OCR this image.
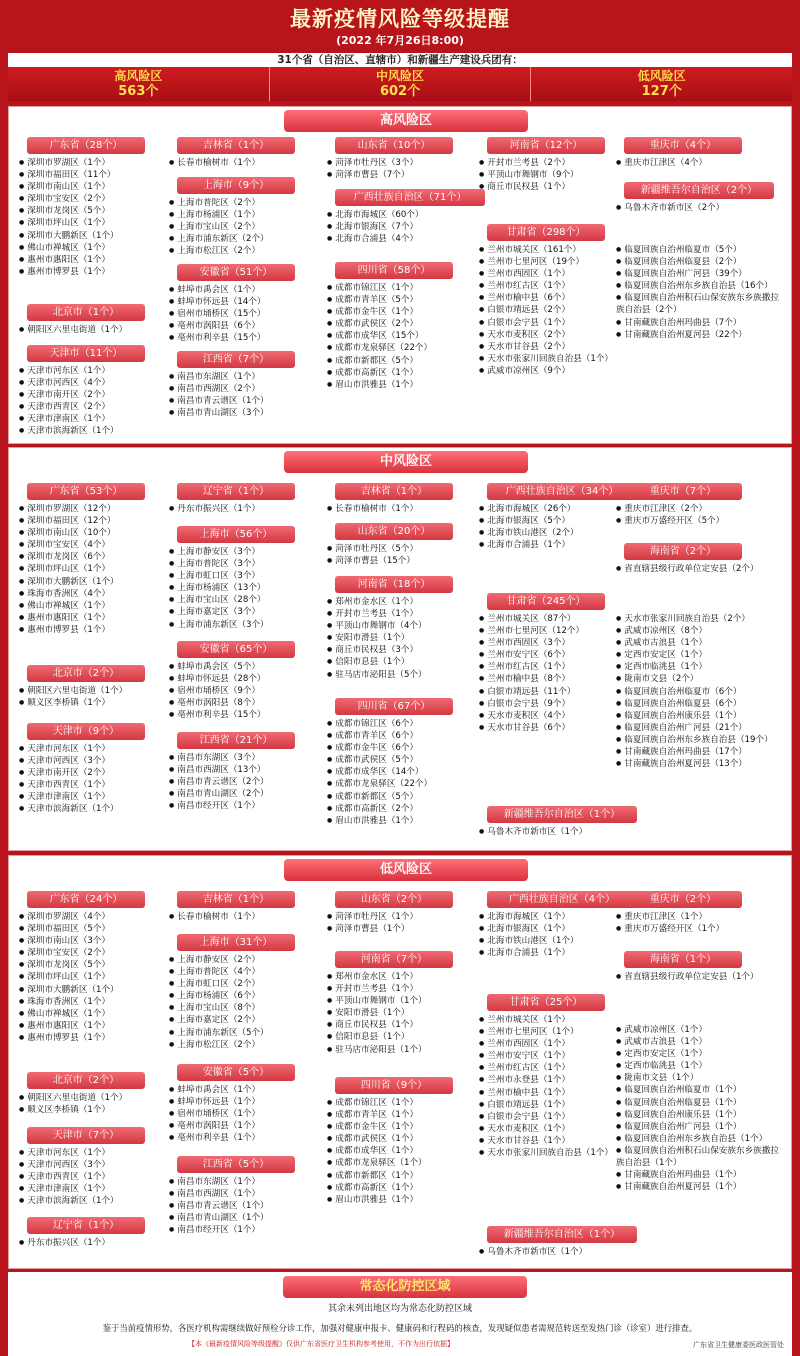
最新疫情风险等级提醒
(2022 年7月26日8:00)
31个省（自治区、直辖市）和新疆生产建设兵团有：
高风险区
563个
中风险区
602个
低风险区
127个
高风险区
广东省（28个）
● 深圳市罗湖区（1个）
● 深圳市福田区（11个）
● 深圳市南山区（1个）
● 深圳市宝安区（2个）
● 深圳市龙岗区（5个）
● 深圳市坪山区（1个）
● 深圳市大鹏新区（1个）
● 佛山市禅城区（1个）
● 惠州市惠阳区（1个）
● 惠州市博罗县（1个）
北京市（1个）
● 朝阳区六里屯街道（1个）
天津市（11个）
● 天津市河东区（1个）
● 天津市河西区（4个）
● 天津市南开区（2个）
● 天津市西青区（2个）
● 天津市津南区（1个）
● 天津市滨海新区（1个）
吉林省（1个）
● 长春市榆树市（1个）
上海市（9个）
● 上海市普陀区（2个）
● 上海市杨浦区（1个）
● 上海市宝山区（2个）
● 上海市浦东新区（2个）
● 上海市松江区（2个）
安徽省（51个）
● 蚌埠市禹会区（1个）
● 蚌埠市怀远县（14个）
● 宿州市埇桥区（15个）
● 亳州市涡阳县（6个）
● 亳州市利辛县（15个）
江西省（7个）
● 南昌市东湖区（1个）
● 南昌市西湖区（2个）
● 南昌市青云谱区（1个）
● 南昌市青山湖区（3个）
山东省（10个）
● 菏泽市牡丹区（3个）
● 菏泽市曹县（7个）
广西壮族自治区（71个）
● 北海市海城区（60个）
● 北海市银海区（7个）
● 北海市合浦县（4个）
四川省（58个）
● 成都市锦江区（1个）
● 成都市青羊区（5个）
● 成都市金牛区（1个）
● 成都市武侯区（2个）
● 成都市成华区（15个）
● 成都市龙泉驿区（22个）
● 成都市新都区（5个）
● 成都市高新区（1个）
● 眉山市洪雅县（1个）
河南省（12个）
● 开封市兰考县（2个）
● 平顶山市舞钢市（9个）
● 商丘市民权县（1个）
甘肃省（298个）
● 兰州市城关区（161个）
● 兰州市七里河区（19个）
● 兰州市西固区（1个）
● 兰州市红古区（1个）
● 兰州市榆中县（6个）
● 白银市靖远县（2个）
● 白银市会宁县（1个）
● 天水市麦积区（2个）
● 天水市甘谷县（2个）
● 天水市张家川回族自治县（1个）
● 武威市凉州区（9个）
重庆市（4个）
● 重庆市江津区（4个）
新疆维吾尔自治区（2个）
● 乌鲁木齐市新市区（2个）
● 临夏回族自治州临夏市（5个）
● 临夏回族自治州临夏县（2个）
● 临夏回族自治州广河县（39个）
● 临夏回族自治州东乡族自治县（16个）
● 临夏回族自治州积石山保安族东乡族撒拉族自治县（2个）
● 甘南藏族自治州玛曲县（7个）
● 甘南藏族自治州夏河县（22个）
中风险区
广东省（53个）
● 深圳市罗湖区（12个）
● 深圳市福田区（12个）
● 深圳市南山区（10个）
● 深圳市宝安区（4个）
● 深圳市龙岗区（6个）
● 深圳市坪山区（1个）
● 深圳市大鹏新区（1个）
● 珠海市香洲区（4个）
● 佛山市禅城区（1个）
● 惠州市惠阳区（1个）
● 惠州市博罗县（1个）
北京市（2个）
● 朝阳区六里屯街道（1个）
● 顺义区李桥镇（1个）
天津市（9个）
● 天津市河东区（1个）
● 天津市河西区（3个）
● 天津市南开区（2个）
● 天津市西青区（1个）
● 天津市津南区（1个）
● 天津市滨海新区（1个）
辽宁省（1个）
● 丹东市振兴区（1个）
上海市（56个）
● 上海市静安区（3个）
● 上海市普陀区（3个）
● 上海市虹口区（3个）
● 上海市杨浦区（13个）
● 上海市宝山区（28个）
● 上海市嘉定区（3个）
● 上海市浦东新区（3个）
安徽省（65个）
● 蚌埠市禹会区（5个）
● 蚌埠市怀远县（28个）
● 宿州市埇桥区（9个）
● 亳州市涡阳县（8个）
● 亳州市利辛县（15个）
江西省（21个）
● 南昌市东湖区（3个）
● 南昌市西湖区（13个）
● 南昌市青云谱区（2个）
● 南昌市青山湖区（2个）
● 南昌市经开区（1个）
吉林省（1个）
● 长春市榆树市（1个）
山东省（20个）
● 菏泽市牡丹区（5个）
● 菏泽市曹县（15个）
河南省（18个）
● 郑州市金水区（1个）
● 开封市兰考县（1个）
● 平顶山市舞钢市（4个）
● 安阳市滑县（1个）
● 商丘市民权县（3个）
● 信阳市息县（1个）
● 驻马店市泌阳县（5个）
四川省（67个）
● 成都市锦江区（6个）
● 成都市青羊区（6个）
● 成都市金牛区（6个）
● 成都市武侯区（5个）
● 成都市成华区（14个）
● 成都市龙泉驿区（22个）
● 成都市新都区（5个）
● 成都市高新区（2个）
● 眉山市洪雅县（1个）
广西壮族自治区（34个）
● 北海市海城区（26个）
● 北海市银海区（5个）
● 北海市铁山港区（2个）
● 北海市合浦县（1个）
甘肃省（245个）
● 兰州市城关区（87个）
● 兰州市七里河区（12个）
● 兰州市西固区（3个）
● 兰州市安宁区（6个）
● 兰州市红古区（1个）
● 兰州市榆中县（8个）
● 白银市靖远县（11个）
● 白银市会宁县（9个）
● 天水市麦积区（4个）
● 天水市甘谷县（6个）
新疆维吾尔自治区（1个）
● 乌鲁木齐市新市区（1个）
重庆市（7个）
● 重庆市江津区（2个）
● 重庆市万盛经开区（5个）
海南省（2个）
● 省直辖县级行政单位定安县（2个）
● 天水市张家川回族自治县（2个）
● 武威市凉州区（8个）
● 武威市古浪县（1个）
● 定西市安定区（1个）
● 定西市临洮县（1个）
● 陇南市文县（2个）
● 临夏回族自治州临夏市（6个）
● 临夏回族自治州临夏县（6个）
● 临夏回族自治州康乐县（1个）
● 临夏回族自治州广河县（21个）
● 临夏回族自治州东乡族自治县（19个）
● 甘南藏族自治州玛曲县（17个）
● 甘南藏族自治州夏河县（13个）
低风险区
广东省（24个）
● 深圳市罗湖区（4个）
● 深圳市福田区（5个）
● 深圳市南山区（3个）
● 深圳市宝安区（2个）
● 深圳市龙岗区（5个）
● 深圳市坪山区（1个）
● 深圳市大鹏新区（1个）
● 珠海市香洲区（1个）
● 佛山市禅城区（1个）
● 惠州市惠阳区（1个）
● 惠州市博罗县（1个）
北京市（2个）
● 朝阳区六里屯街道（1个）
● 顺义区李桥镇（1个）
天津市（7个）
● 天津市河东区（1个）
● 天津市河西区（3个）
● 天津市西青区（1个）
● 天津市津南区（1个）
● 天津市滨海新区（1个）
辽宁省（1个）
● 丹东市振兴区（1个）
吉林省（1个）
● 长春市榆树市（1个）
上海市（31个）
● 上海市静安区（2个）
● 上海市普陀区（4个）
● 上海市虹口区（2个）
● 上海市杨浦区（6个）
● 上海市宝山区（8个）
● 上海市嘉定区（2个）
● 上海市浦东新区（5个）
● 上海市松江区（2个）
安徽省（5个）
● 蚌埠市禹会区（1个）
● 蚌埠市怀远县（1个）
● 宿州市埇桥区（1个）
● 亳州市涡阳县（1个）
● 亳州市利辛县（1个）
江西省（5个）
● 南昌市东湖区（1个）
● 南昌市西湖区（1个）
● 南昌市青云谱区（1个）
● 南昌市青山湖区（1个）
● 南昌市经开区（1个）
山东省（2个）
● 菏泽市牡丹区（1个）
● 菏泽市曹县（1个）
河南省（7个）
● 郑州市金水区（1个）
● 开封市兰考县（1个）
● 平顶山市舞钢市（1个）
● 安阳市滑县（1个）
● 商丘市民权县（1个）
● 信阳市息县（1个）
● 驻马店市泌阳县（1个）
四川省（9个）
● 成都市锦江区（1个）
● 成都市青羊区（1个）
● 成都市金牛区（1个）
● 成都市武侯区（1个）
● 成都市成华区（1个）
● 成都市龙泉驿区（1个）
● 成都市新都区（1个）
● 成都市高新区（1个）
● 眉山市洪雅县（1个）
广西壮族自治区（4个）
● 北海市海城区（1个）
● 北海市银海区（1个）
● 北海市铁山港区（1个）
● 北海市合浦县（1个）
甘肃省（25个）
● 兰州市城关区（1个）
● 兰州市七里河区（1个）
● 兰州市西固区（1个）
● 兰州市安宁区（1个）
● 兰州市红古区（1个）
● 兰州市永登县（1个）
● 兰州市榆中县（1个）
● 白银市靖远县（1个）
● 白银市会宁县（1个）
● 天水市麦积区（1个）
● 天水市甘谷县（1个）
● 天水市张家川回族自治县（1个）
新疆维吾尔自治区（1个）
● 乌鲁木齐市新市区（1个）
重庆市（2个）
● 重庆市江津区（1个）
● 重庆市万盛经开区（1个）
海南省（1个）
● 省直辖县级行政单位定安县（1个）
● 武威市凉州区（1个）
● 武威市古浪县（1个）
● 定西市安定区（1个）
● 定西市临洮县（1个）
● 陇南市文县（1个）
● 临夏回族自治州临夏市（1个）
● 临夏回族自治州临夏县（1个）
● 临夏回族自治州康乐县（1个）
● 临夏回族自治州广河县（1个）
● 临夏回族自治州东乡族自治县（1个）
● 临夏回族自治州积石山保安族东乡族撒拉族自治县（1个）
● 甘南藏族自治州玛曲县（1个）
● 甘南藏族自治州夏河县（1个）
常态化防控区域
其余未列出地区均为常态化防控区域
鉴于当前疫情形势，各医疗机构需继续做好预检分诊工作，加强对健康申报卡、健康码和行程码的核查，发现疑似患者需规范转送至发热门诊（诊室）进行排查。
【本《最新疫情风险等级提醒》仅供广东省医疗卫生机构参考使用，不作为出行依据】	广东省卫生健康委医政医管处
